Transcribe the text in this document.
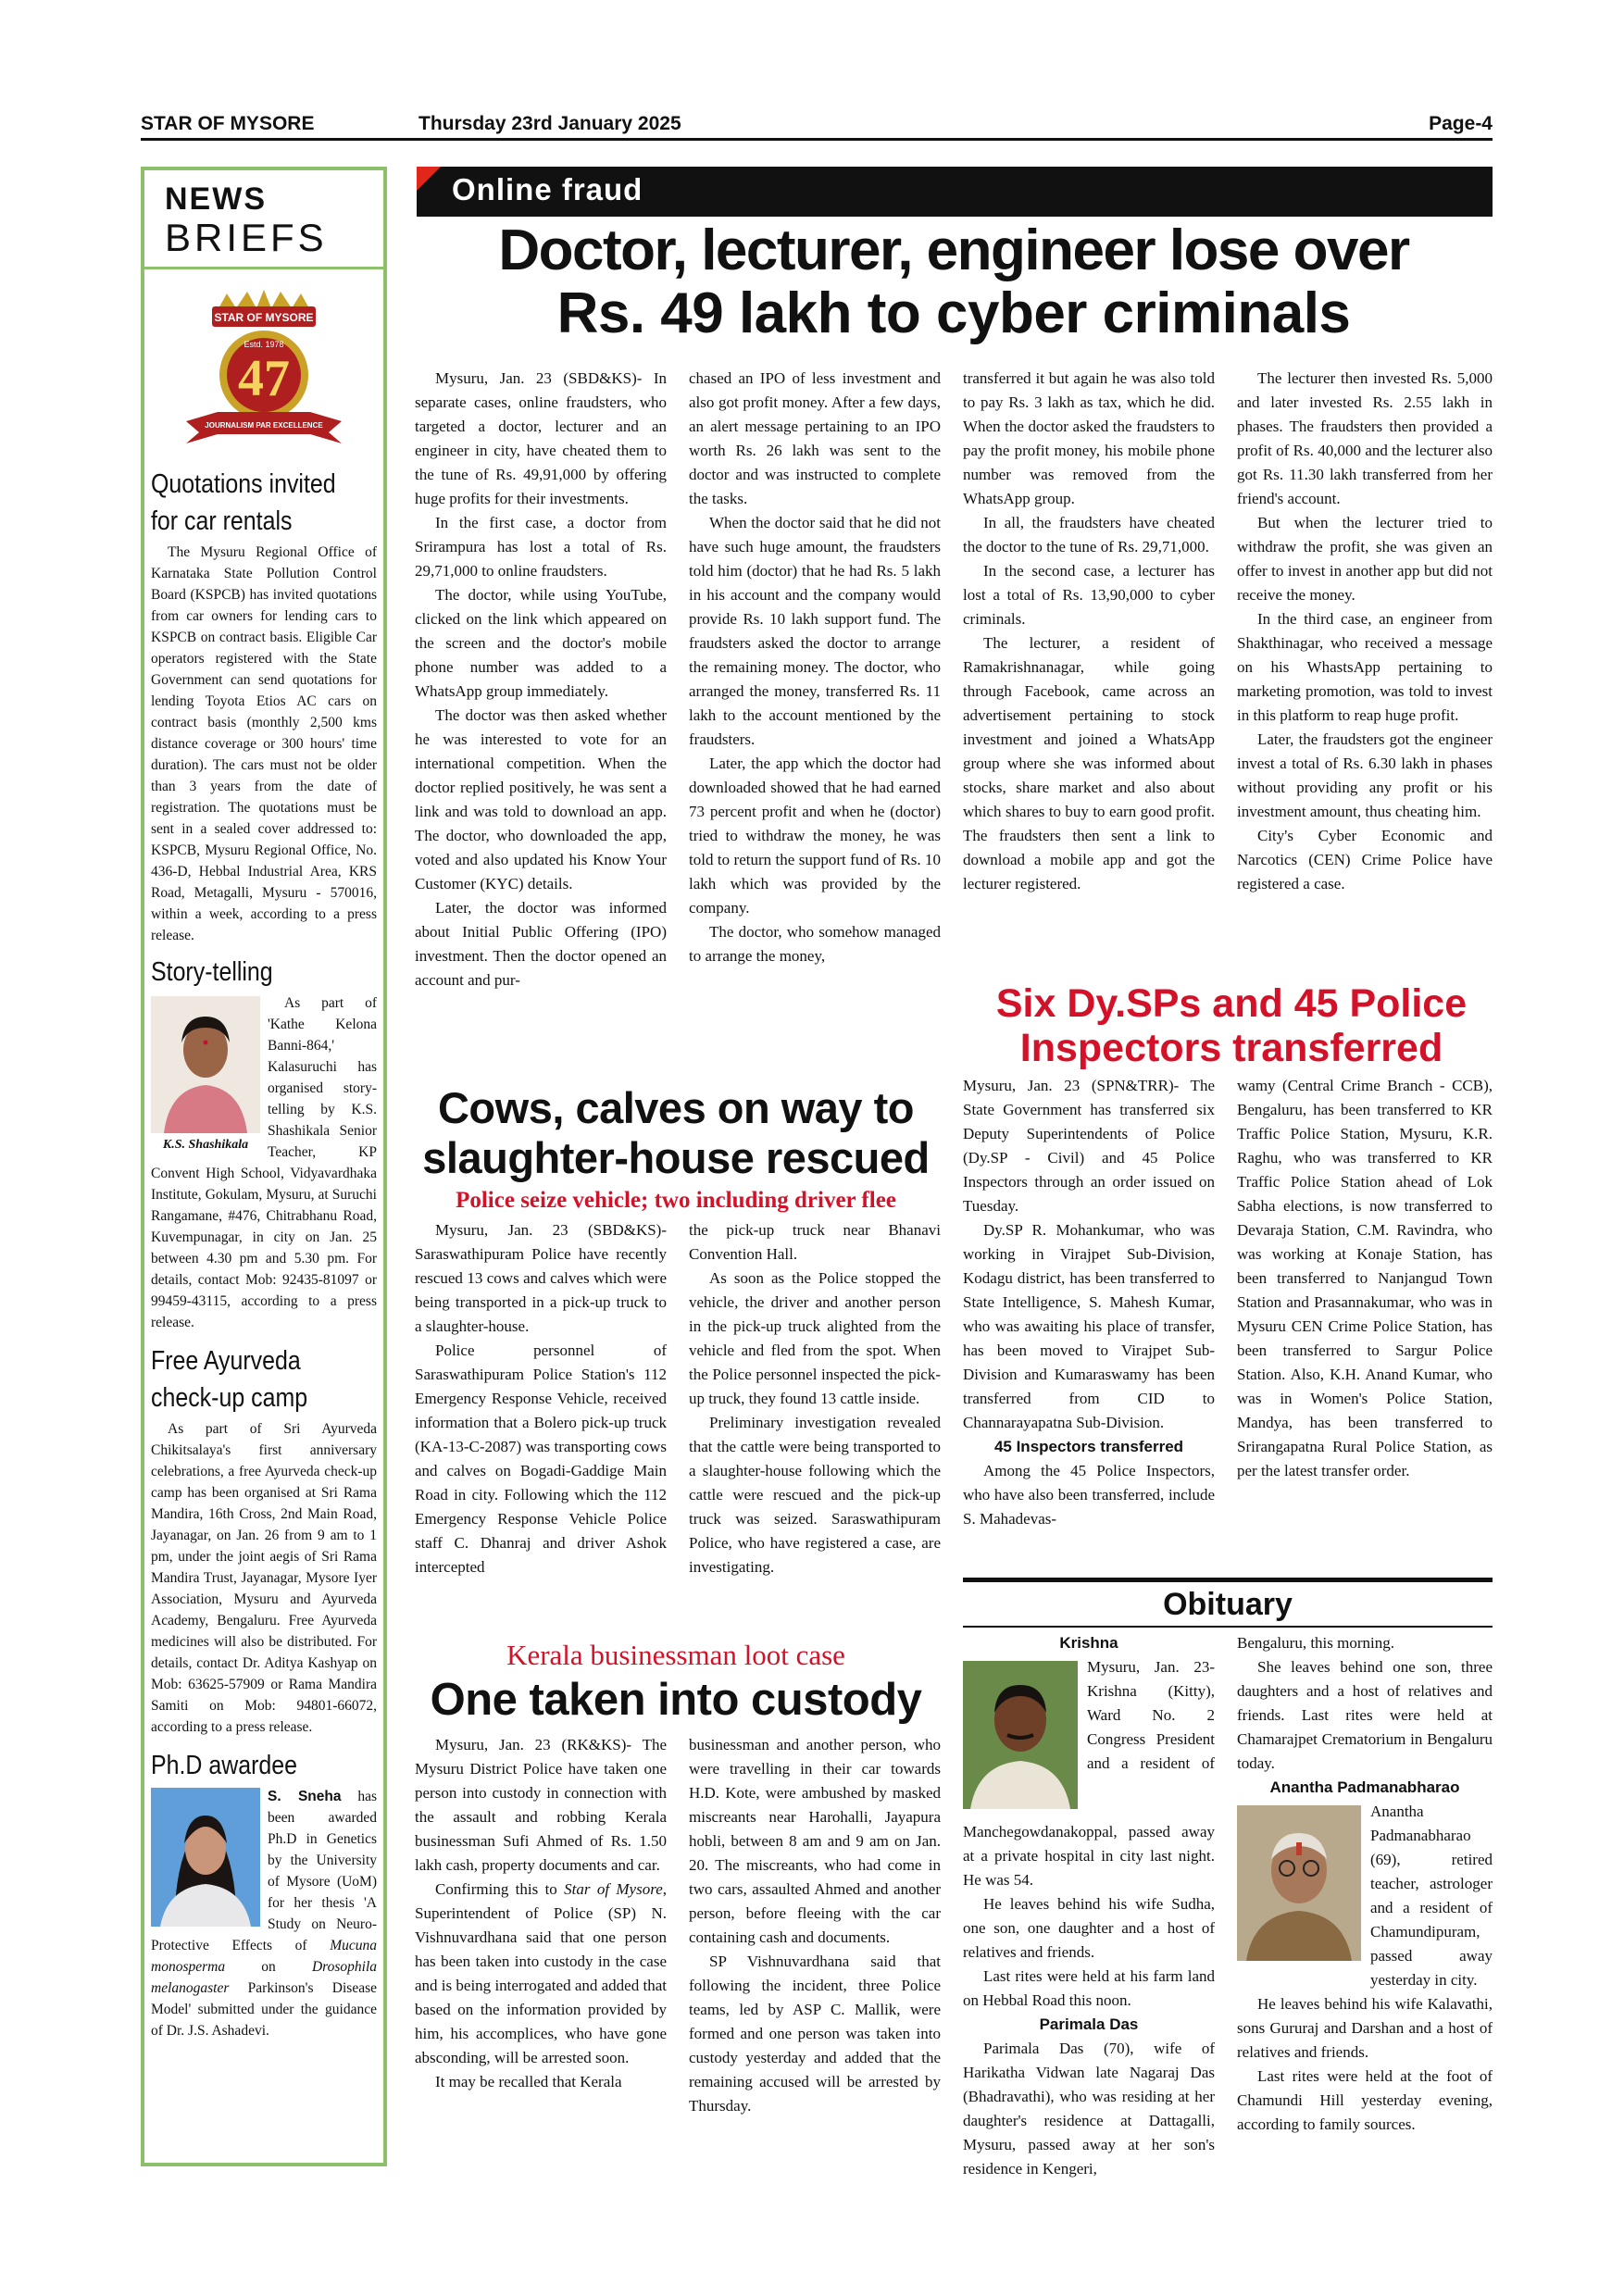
STAR OF MYSORE	Thursday 23rd January 2025	Page-4
NEWS
BRIEFS
STAR OF MYSORE
Estd. 1978
47
JOURNALISM PAR EXCELLENCE
Quotations invited
for car rentals

The Mysuru Regional Office of Karnataka State Pollution Control Board (KSPCB) has invited quotations from car owners for lending cars to KSPCB on contract basis. Eligible Car operators registered with the State Government can send quotations for lending Toyota Etios AC cars on contract basis (monthly 2,500 kms distance coverage or 300 hours' time duration). The cars must not be older than 3 years from the date of registration. The quotations must be sent in a sealed cover addressed to: KSPCB, Mysuru Regional Office, No. 436-D, Hebbal Industrial Area, KRS Road, Metagalli, Mysuru - 570016, within a week, according to a press release.

Story-telling
K.S. Shashikala

As part of 'Kathe Kelona Banni-864,' Kalasuruchi has organised story-telling by K.S. Shashikala Senior Teacher, KP Convent High School, Vidyavardhaka Institute, Gokulam, Mysuru, at Suruchi Rangamane, #476, Chitrabhanu Road, Kuvempunagar, in city on Jan. 25 between 4.30 pm and 5.30 pm. For details, contact Mob: 92435-81097 or 99459-43115, according to a press release.

Free Ayurveda
check-up camp

As part of Sri Ayurveda Chikitsalaya's first anniversary celebrations, a free Ayurveda check-up camp has been organised at Sri Rama Mandira, 16th Cross, 2nd Main Road, Jayanagar, on Jan. 26 from 9 am to 1 pm, under the joint aegis of Sri Rama Mandira Trust, Jayanagar, Mysore Iyer Association, Mysuru and Ayurveda Academy, Bengaluru. Free Ayurveda medicines will also be distributed. For details, contact Dr. Aditya Kashyap on Mob: 63625-57909 or Rama Mandira Samiti on Mob: 94801-66072, according to a press release.

Ph.D awardee

S. Sneha has been awarded Ph.D in Genetics by the University of Mysore (UoM) for her thesis 'A Study on Neuro-Protective Effects of Mucuna monosperma on Drosophila melanogaster Parkinson's Disease Model' submitted under the guidance of Dr. J.S. Ashadevi.

Online fraud
Doctor, lecturer, engineer lose over
Rs. 49 lakh to cyber criminals

Mysuru, Jan. 23 (SBD&KS)- In separate cases, online fraudsters, who targeted a doctor, lecturer and an engineer in city, have cheated them to the tune of Rs. 49,91,000 by offering huge profits for their investments.

In the first case, a doctor from Srirampura has lost a total of Rs. 29,71,000 to online fraudsters.

The doctor, while using YouTube, clicked on the link which appeared on the screen and the doctor's mobile phone number was added to a WhatsApp group immediately.

The doctor was then asked whether he was interested to vote for an international competition. When the doctor replied positively, he was sent a link and was told to download an app. The doctor, who downloaded the app, voted and also updated his Know Your Customer (KYC) details.

Later, the doctor was informed about Initial Public Offering (IPO) investment. Then the doctor opened an account and pur-

chased an IPO of less investment and also got profit money. After a few days, an alert message pertaining to an IPO worth Rs. 26 lakh was sent to the doctor and was instructed to complete the tasks.

When the doctor said that he did not have such huge amount, the fraudsters told him (doctor) that he had Rs. 5 lakh in his account and the company would provide Rs. 10 lakh support fund. The fraudsters asked the doctor to arrange the remaining money. The doctor, who arranged the money, transferred Rs. 11 lakh to the account mentioned by the fraudsters.

Later, the app which the doctor had downloaded showed that he had earned 73 percent profit and when he (doctor) tried to withdraw the money, he was told to return the support fund of Rs. 10 lakh which was provided by the company.

The doctor, who somehow managed to arrange the money,

transferred it but again he was also told to pay Rs. 3 lakh as tax, which he did. When the doctor asked the fraudsters to pay the profit money, his mobile phone number was removed from the WhatsApp group.

In all, the fraudsters have cheated the doctor to the tune of Rs. 29,71,000.

In the second case, a lecturer has lost a total of Rs. 13,90,000 to cyber criminals.

The lecturer, a resident of Ramakrishnanagar, while going through Facebook, came across an advertisement pertaining to stock investment and joined a WhatsApp group where she was informed about stocks, share market and also about which shares to buy to earn good profit. The fraudsters then sent a link to download a mobile app and got the lecturer registered.

The lecturer then invested Rs. 5,000 and later invested Rs. 2.55 lakh in phases. The fraudsters then provided a profit of Rs. 40,000 and the lecturer also got Rs. 11.30 lakh transferred from her friend's account.

But when the lecturer tried to withdraw the profit, she was given an offer to invest in another app but did not receive the money.

In the third case, an engineer from Shakthinagar, who received a message on his WhastsApp pertaining to marketing promotion, was told to invest in this platform to reap huge profit.

Later, the fraudsters got the engineer invest a total of Rs. 6.30 lakh in phases without providing any profit or his investment amount, thus cheating him.

City's Cyber Economic and Narcotics (CEN) Crime Police have registered a case.

Cows, calves on way to
slaughter-house rescued
Police seize vehicle; two including driver flee

Mysuru, Jan. 23 (SBD&KS)- Saraswathipuram Police have recently rescued 13 cows and calves which were being transported in a pick-up truck to a slaughter-house.

Police personnel of Saraswathipuram Police Station's 112 Emergency Response Vehicle, received information that a Bolero pick-up truck (KA-13-C-2087) was transporting cows and calves on Bogadi-Gaddige Main Road in city. Following which the 112 Emergency Response Vehicle Police staff C. Dhanraj and driver Ashok intercepted

the pick-up truck near Bhanavi Convention Hall.

As soon as the Police stopped the vehicle, the driver and another person in the pick-up truck alighted from the vehicle and fled from the spot. When the Police personnel inspected the pick-up truck, they found 13 cattle inside.

Preliminary investigation revealed that the cattle were being transported to a slaughter-house following which the cattle were rescued and the pick-up truck was seized. Saraswathipuram Police, who have registered a case, are investigating.

Kerala businessman loot case
One taken into custody

Mysuru, Jan. 23 (RK&KS)- The Mysuru District Police have taken one person into custody in connection with the assault and robbing Kerala businessman Sufi Ahmed of Rs. 1.50 lakh cash, property documents and car.

Confirming this to Star of Mysore, Superintendent of Police (SP) N. Vishnuvardhana said that one person has been taken into custody in the case and is being interrogated and added that based on the information provided by him, his accomplices, who have gone absconding, will be arrested soon.

It may be recalled that Kerala

businessman and another person, who were travelling in their car towards H.D. Kote, were ambushed by masked miscreants near Harohalli, Jayapura hobli, between 8 am and 9 am on Jan. 20. The miscreants, who had come in two cars, assaulted Ahmed and another person, before fleeing with the car containing cash and documents.

SP Vishnuvardhana said that following the incident, three Police teams, led by ASP C. Mallik, were formed and one person was taken into custody yesterday and added that the remaining accused will be arrested by Thursday.

Six Dy.SPs and 45 Police
Inspectors transferred

Mysuru, Jan. 23 (SPN&TRR)- The State Government has transferred six Deputy Superintendents of Police (Dy.SP - Civil) and 45 Police Inspectors through an order issued on Tuesday.

Dy.SP R. Mohankumar, who was working in Virajpet Sub-Division, Kodagu district, has been transferred to State Intelligence, S. Mahesh Kumar, who was awaiting his place of transfer, has been moved to Virajpet Sub-Division and Kumaraswamy has been transferred from CID to Channarayapatna Sub-Division.

45 Inspectors transferred

Among the 45 Police Inspectors, who have also been transferred, include S. Mahadevas-

wamy (Central Crime Branch - CCB), Bengaluru, has been transferred to KR Traffic Police Station, Mysuru, K.R. Raghu, who was transferred to KR Traffic Police Station ahead of Lok Sabha elections, is now transferred to Devaraja Station, C.M. Ravindra, who was working at Konaje Station, has been transferred to Nanjangud Town Station and Prasannakumar, who was in Mysuru CEN Crime Police Station, has been transferred to Sargur Police Station. Also, K.H. Anand Kumar, who was in Women's Police Station, Mandya, has been transferred to Srirangapatna Rural Police Station, as per the latest transfer order.

Obituary

Krishna

Mysuru, Jan. 23- Krishna (Kitty), Ward No. 2 Congress President and a resident of Manchegowdanakoppal, passed away at a private hospital in city last night. He was 54.

He leaves behind his wife Sudha, one son, one daughter and a host of relatives and friends.

Last rites were held at his farm land on Hebbal Road this noon.

Parimala Das

Parimala Das (70), wife of Harikatha Vidwan late Nagaraj Das (Bhadravathi), who was residing at her daughter's residence at Dattagalli, Mysuru, passed away at her son's residence in Kengeri,

Bengaluru, this morning.

She leaves behind one son, three daughters and a host of relatives and friends. Last rites were held at Chamarajpet Crematorium in Bengaluru today.

Anantha Padmanabharao

Anantha Padmanabharao (69), retired teacher, astrologer and a resident of Chamundipuram, passed away yesterday in city.

He leaves behind his wife Kalavathi, sons Gururaj and Darshan and a host of relatives and friends.

Last rites were held at the foot of Chamundi Hill yesterday evening, according to family sources.
